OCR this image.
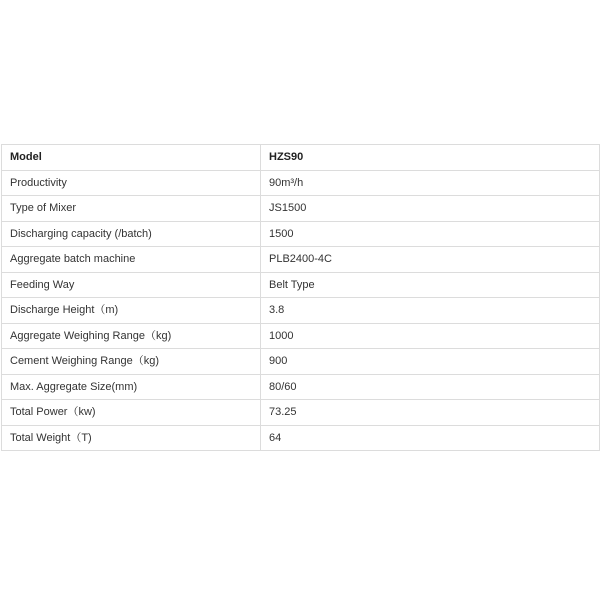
Model	HZS90
Productivity	90m³/h
Type of Mixer	JS1500
Discharging capacity (/batch)	1500
Aggregate batch machine	PLB2400-4C
Feeding Way	Belt Type
Discharge Height（m)	3.8
Aggregate Weighing Range（kg)	1000
Cement Weighing Range（kg)	900
Max. Aggregate Size(mm)	80/60
Total Power（kw)	73.25
Total Weight（T)	64
